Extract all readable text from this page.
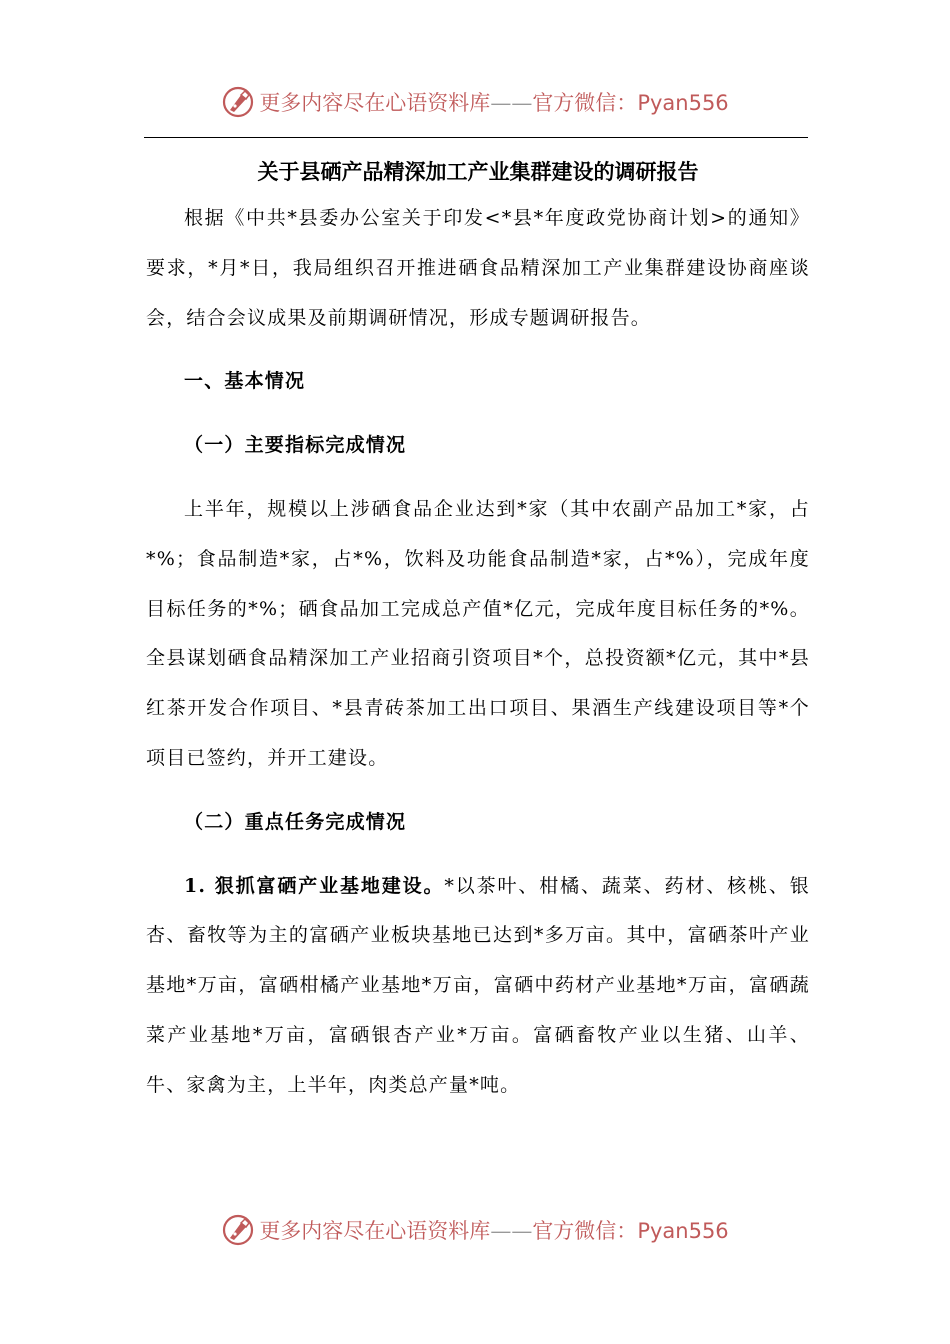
更多内容尽在心语资料库——官方微信：Pyan556

关于县硒产品精深加工产业集群建设的调研报告

根据《中共*县委办公室关于印发<*县*年度政党协商计划>的通知》要求，*月*日，我局组织召开推进硒食品精深加工产业集群建设协商座谈会，结合会议成果及前期调研情况，形成专题调研报告。

一、基本情况

（一）主要指标完成情况

上半年，规模以上涉硒食品企业达到*家（其中农副产品加工*家，占*%；食品制造*家，占*%，饮料及功能食品制造*家，占*%），完成年度目标任务的*%；硒食品加工完成总产值*亿元，完成年度目标任务的*%。全县谋划硒食品精深加工产业招商引资项目*个，总投资额*亿元，其中*县红茶开发合作项目、*县青砖茶加工出口项目、果酒生产线建设项目等*个项目已签约，并开工建设。

（二）重点任务完成情况

1. 狠抓富硒产业基地建设。*以茶叶、柑橘、蔬菜、药材、核桃、银杏、畜牧等为主的富硒产业板块基地已达到*多万亩。其中，富硒茶叶产业基地*万亩，富硒柑橘产业基地*万亩，富硒中药材产业基地*万亩，富硒蔬菜产业基地*万亩，富硒银杏产业*万亩。富硒畜牧产业以生猪、山羊、牛、家禽为主，上半年，肉类总产量*吨。

更多内容尽在心语资料库——官方微信：Pyan556
